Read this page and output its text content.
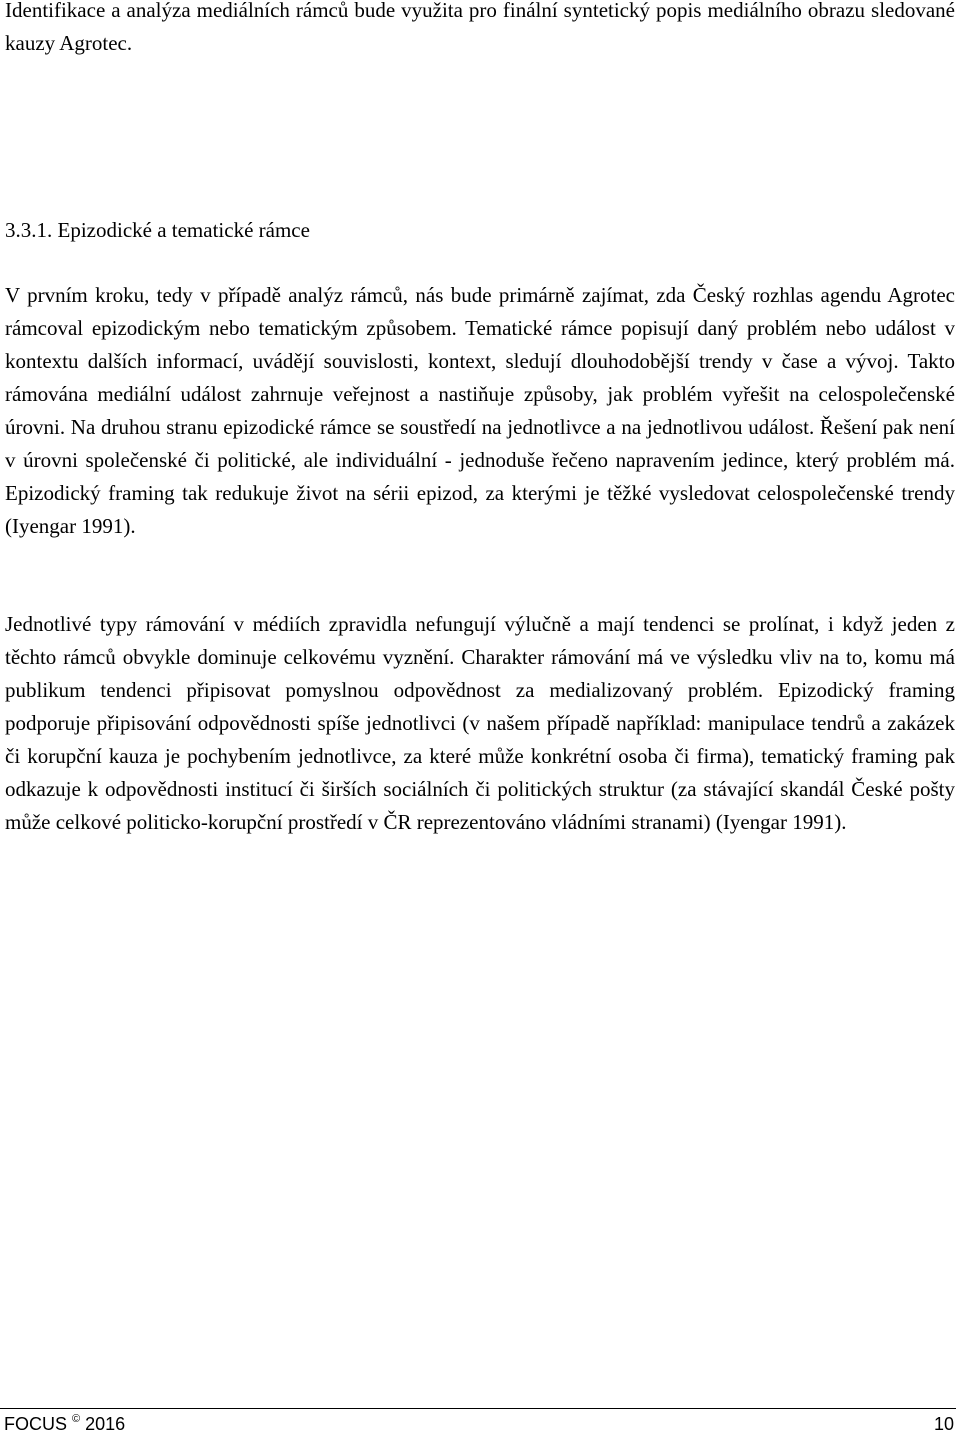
Identifikace a analýza mediálních rámců bude využita pro finální syntetický popis mediálního obrazu sledované kauzy Agrotec.

3.3.1. Epizodické a tematické rámce

V prvním kroku, tedy v případě analýz rámců, nás bude primárně zajímat, zda Český rozhlas agendu Agrotec rámcoval epizodickým nebo tematickým způsobem. Tematické rámce popisují daný problém nebo událost v kontextu dalších informací, uvádějí souvislosti, kontext, sledují dlouhodobější trendy v čase a vývoj. Takto rámována mediální událost zahrnuje veřejnost a nastiňuje způsoby, jak problém vyřešit na celospolečenské úrovni. Na druhou stranu epizodické rámce se soustředí na jednotlivce a na jednotlivou událost. Řešení pak není v úrovni společenské či politické, ale individuální - jednoduše řečeno napravením jedince, který problém má. Epizodický framing tak redukuje život na sérii epizod, za kterými je těžké vysledovat celospolečenské trendy (Iyengar 1991).

Jednotlivé typy rámování v médiích zpravidla nefungují výlučně a mají tendenci se prolínat, i když jeden z těchto rámců obvykle dominuje celkovému vyznění. Charakter rámování má ve výsledku vliv na to, komu má publikum tendenci připisovat pomyslnou odpovědnost za medializovaný problém. Epizodický framing podporuje připisování odpovědnosti spíše jednotlivci (v našem případě například: manipulace tendrů a zakázek či korupční kauza je pochybením jednotlivce, za které může konkrétní osoba či firma), tematický framing pak odkazuje k odpovědnosti institucí či širších sociálních či politických struktur (za stávající skandál České pošty může celkové politicko-korupční prostředí v ČR reprezentováno vládními stranami) (Iyengar 1991).

FOCUS © 2016	10
